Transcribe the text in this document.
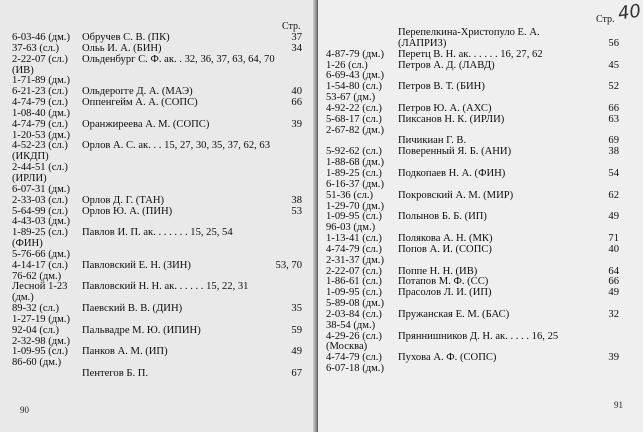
Стр.
6-03-46 (дм.) Обручев С. В. (ПК)	37
37-63 (сл.) Ольь И. А. (БИН)	34
2-22-07 (сл.) Ольденбург С. Ф. ак. . 32, 36, 37, 63, 64, 70
(ИВ)
1-71-89 (дм.)
6-21-23 (сл.) Ольдерогге Д. А. (МАЭ)	40
4-74-79 (сл.) Оппенгейм А. А. (СОПС)	66
1-08-40 (дм.)
4-74-79 (сл.) Оранжиреева А. М. (СОПС)	39
1-20-53 (дм.)
4-52-23 (сл.) Орлов А. С. ак. . . 15, 27, 30, 35, 37, 62, 63
(ИКДП)
2-44-51 (сл.)
(ИРЛИ)
6-07-31 (дм.)
2-33-03 (сл.) Орлов Д. Г. (ТАН)	38
5-64-99 (сл.) Орлов Ю. А. (ПИН)	53
4-43-03 (дм.)
1-89-25 (сл.) Павлов И. П. ак. . . . . . . 15, 25, 54
(ФИН)
5-76-66 (дм.)
4-14-17 (сл.) Павловский Е. Н. (ЗИН)	53, 70
76-62 (дм.)
Лесной 1-23 Павловский Н. Н. ак. . . . . . 15, 22, 31
(дм.)
89-32 (сл.) Паевский В. В. (ДИН)	35
1-27-19 (дм.)
92-04 (сл.) Пальвадре М. Ю. (ИПИН)	59
2-32-98 (дм.)
1-09-95 (сл.) Панков А. М. (ИП)	49
86-60 (дм.)
Пентегов Б. П.	67
90
Стр. 40
Перепелкина-Христопуло Е. А.
(ЛАПРИЗ)	56
4-87-79 (дм.) Перетц В. Н. ак. . . . . . 16, 27, 62
1-26 (сл.)	Петров А. Д. (ЛАВД)	45
6-69-43 (дм.)
1-54-80 (сл.) Петров В. Т. (БИН)	52
53-67 (дм.)
4-92-22 (сл.) Петров Ю. А. (АХС)	66
5-68-17 (сл.) Пиксанов Н. К. (ИРЛИ)	63
2-67-82 (дм.)
Пичикиан Г. В.	69
5-92-62 (сл.) Поверенный Я. Б. (АНИ)	38
1-88-68 (дм.)
1-89-25 (сл.) Подкопаев Н. А. (ФИН)	54
6-16-37 (дм.)
51-36 (сл.) Покровский А. М. (МИР)	62
1-29-70 (дм.)
1-09-95 (сл.) Полынов Б. Б. (ИП)	49
96-03 (дм.)
1-13-41 (сл.) Полякова А. Н. (МК)	71
4-74-79 (сл.) Попов А. И. (СОПС)	40
2-31-37 (дм.)
2-22-07 (сл.) Поппе Н. Н. (ИВ)	64
1-86-61 (сл.) Потапов М. Ф. (СС)	66
1-09-95 (сл.) Прасолов Л. И. (ИП)	49
5-89-08 (дм.)
2-03-84 (сл.) Пружанская Е. М. (БАС)	32
38-54 (дм.)
4-29-26 (сл.) Пряннишников Д. Н. ак. . . . . 16, 25
(Москва)
4-74-79 (сл.) Пухова А. Ф. (СОПС)	39
6-07-18 (дм.)
91
